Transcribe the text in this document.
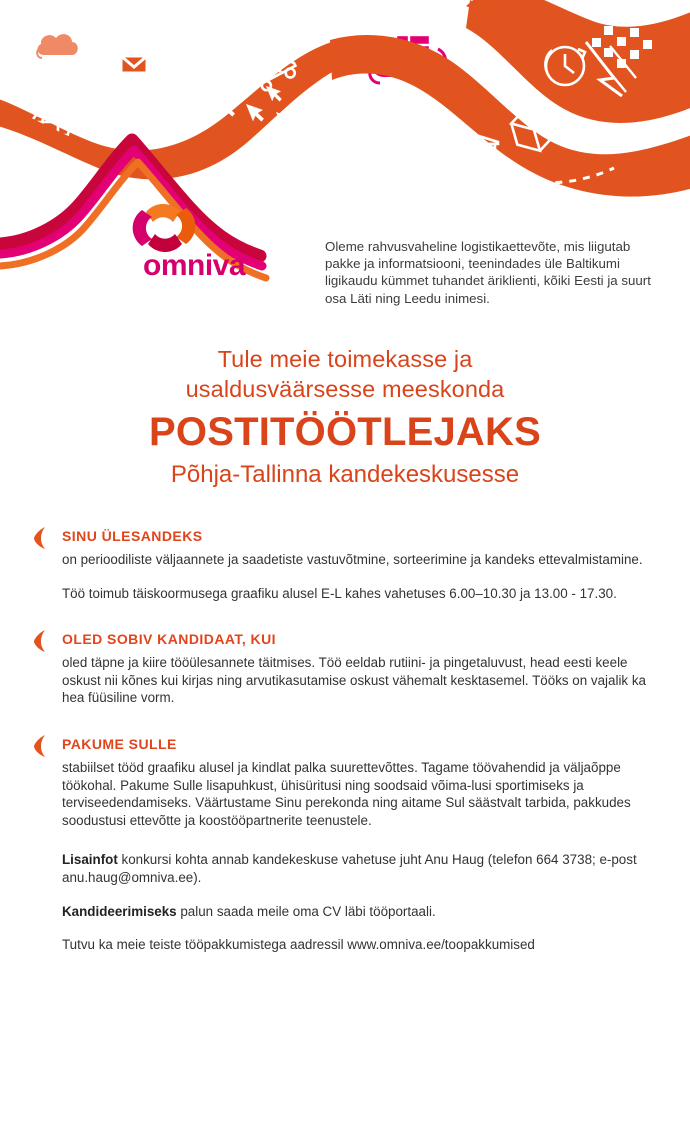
omniva
Oleme rahvusvaheline logistikaettevõte, mis liigutab pakke ja informatsiooni, teenindades üle Baltikumi ligikaudu kümmet tuhandet äriklienti, kõiki Eesti ja suurt osa Läti ning Leedu inimesi.
Tule meie toimekasse ja
usaldusväärsesse meeskonda
POSTITÖÖTLEJAKS
Põhja-Tallinna kandekeskusesse
SINU ÜLESANDEKS

on perioodiliste väljaannete ja saadetiste vastuvõtmine, sorteerimine ja kandeks ettevalmistamine.

Töö toimub täiskoormusega graafiku alusel E-L kahes vahetuses 6.00–10.30 ja 13.00 - 17.30.

OLED SOBIV KANDIDAAT, KUI

oled täpne ja kiire tööülesannete täitmises. Töö eeldab rutiini- ja pingetaluvust, head eesti keele oskust nii kõnes kui kirjas ning arvutikasutamise oskust vähemalt kesktasemel. Tööks on vajalik ka hea füüsiline vorm.

PAKUME SULLE

stabiilset tööd graafiku alusel ja kindlat palka suurettevõttes. Tagame töövahendid ja väljaõppe töökohal. Pakume Sulle lisapuhkust, ühisüritusi ning soodsaid võima-lusi sportimiseks ja terviseedendamiseks. Väärtustame Sinu perekonda ning aitame Sul säästvalt tarbida, pakkudes soodustusi ettevõtte ja koostööpartnerite teenustele.

Lisainfot konkursi kohta annab kandekeskuse vahetuse juht Anu Haug (telefon 664 3738; e-post anu.haug@omniva.ee).

Kandideerimiseks palun saada meile oma CV läbi tööportaali.

Tutvu ka meie teiste tööpakkumistega aadressil www.omniva.ee/toopakkumised
